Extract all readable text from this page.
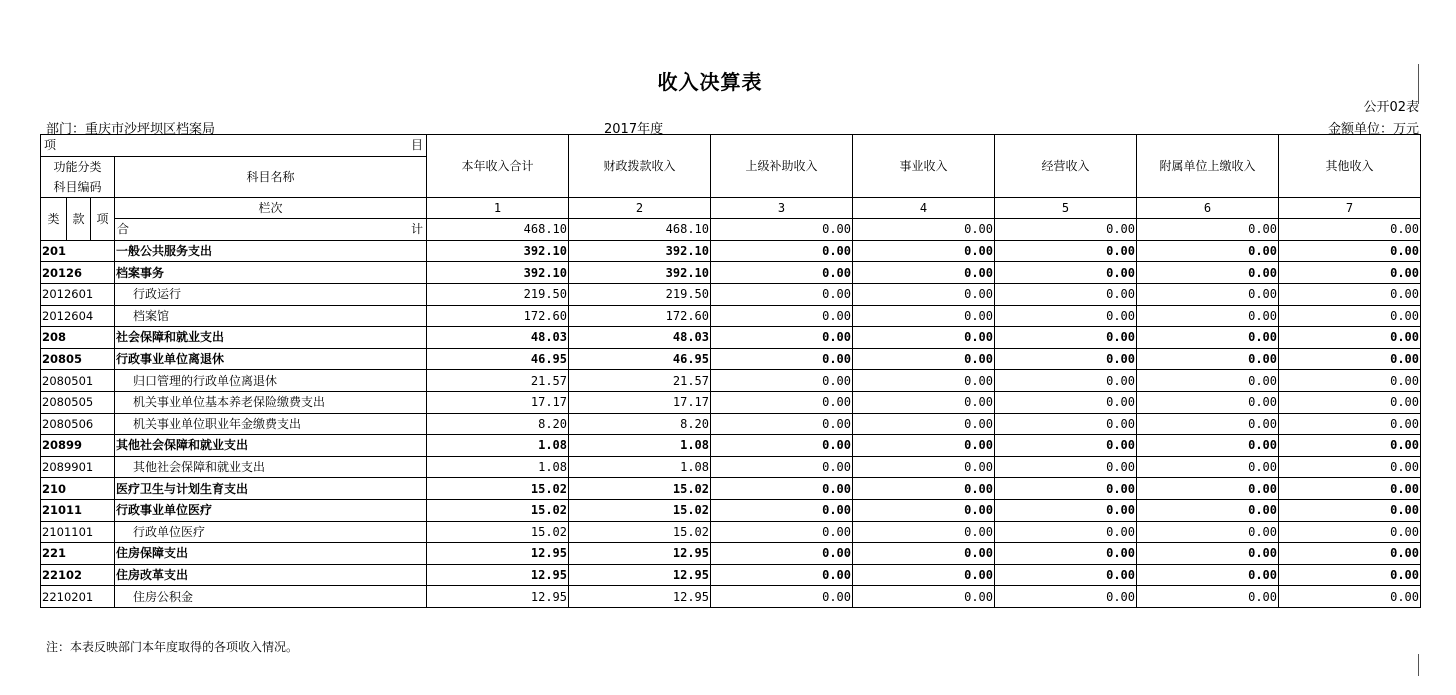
收入决算表
公开02表
部门：重庆市沙坪坝区档案局	2017年度	金额单位：万元
项 目				本年收入合计	财政拨款收入	上级补助收入	事业收入	经营收入	附属单位上缴收入	其他收入
功能分类
科目编码			科目名称							
类	款	项	栏次	1	2	3	4	5	6	7

			合 计	468.10	468.10	0.00	0.00	0.00	0.00	0.00
201			一般公共服务支出	392.10	392.10	0.00	0.00	0.00	0.00	0.00
20126			档案事务	392.10	392.10	0.00	0.00	0.00	0.00	0.00
2012601			行政运行	219.50	219.50	0.00	0.00	0.00	0.00	0.00
2012604			档案馆	172.60	172.60	0.00	0.00	0.00	0.00	0.00
208			社会保障和就业支出	48.03	48.03	0.00	0.00	0.00	0.00	0.00
20805			行政事业单位离退休	46.95	46.95	0.00	0.00	0.00	0.00	0.00
2080501			归口管理的行政单位离退休	21.57	21.57	0.00	0.00	0.00	0.00	0.00
2080505			机关事业单位基本养老保险缴费支出	17.17	17.17	0.00	0.00	0.00	0.00	0.00
2080506			机关事业单位职业年金缴费支出	8.20	8.20	0.00	0.00	0.00	0.00	0.00
20899			其他社会保障和就业支出	1.08	1.08	0.00	0.00	0.00	0.00	0.00
2089901			其他社会保障和就业支出	1.08	1.08	0.00	0.00	0.00	0.00	0.00
210			医疗卫生与计划生育支出	15.02	15.02	0.00	0.00	0.00	0.00	0.00
21011			行政事业单位医疗	15.02	15.02	0.00	0.00	0.00	0.00	0.00
2101101			行政单位医疗	15.02	15.02	0.00	0.00	0.00	0.00	0.00
221			住房保障支出	12.95	12.95	0.00	0.00	0.00	0.00	0.00
22102			住房改革支出	12.95	12.95	0.00	0.00	0.00	0.00	0.00
2210201			住房公积金	12.95	12.95	0.00	0.00	0.00	0.00	0.00
注：本表反映部门本年度取得的各项收入情况。
